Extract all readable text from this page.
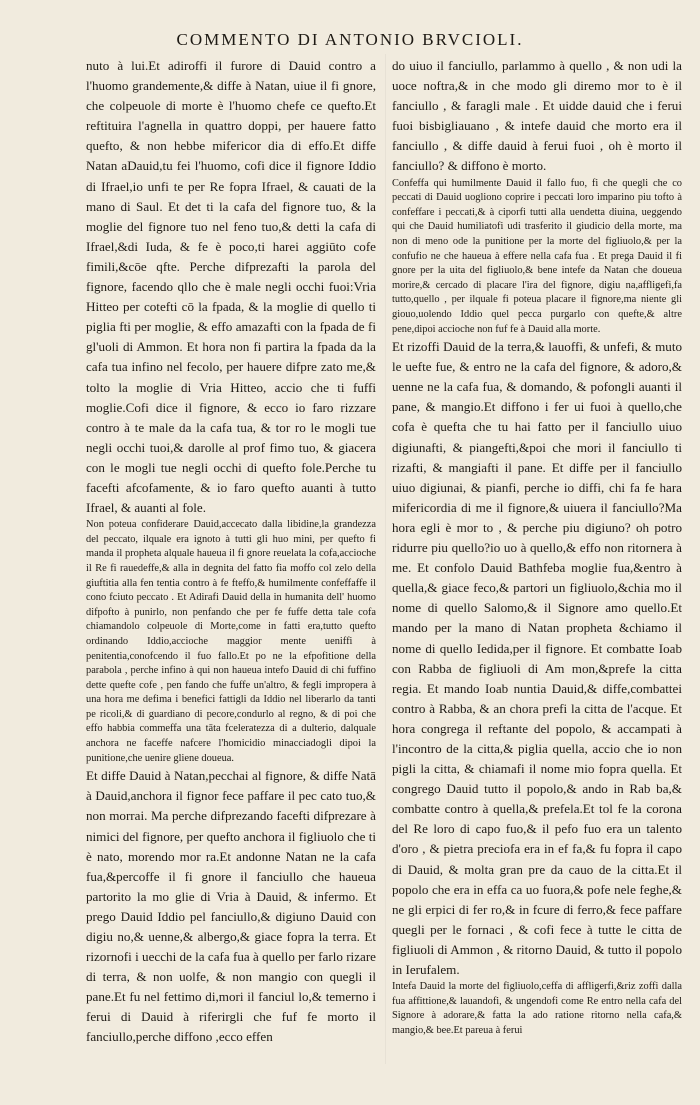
COMMENTO DI ANTONIO BRVCIOLI.

nuto à lui.Et adiroffi il furore di Dauid contro a l'huomo grandemente,& diffe à Natan, uiue il fi gnore, che colpeuole di morte è l'huomo chefe ce quefto.Et reftituira l'agnella in quattro doppi, per hauere fatto quefto, & non hebbe mifericor dia di effo.Et diffe Natan aDauid,tu fei l'huomo, cofi dice il fignore Iddio di Ifrael,io unfi te per Re fopra Ifrael, & cauati de la mano di Saul. Et det ti la cafa del fignore tuo, & la moglie del fignore tuo nel feno tuo,& detti la cafa di Ifrael,&di Iuda, & fe è poco,ti harei aggiūto cofe fimili,&cōe qfte. Perche difprezafti la parola del fignore, facendo qllo che è male negli occhi fuoi:Vria Hitteo per cotefti cō la fpada, & la moglie di quello ti piglia fti per moglie, & effo amazafti con la fpada de fi gl'uoli di Ammon. Et hora non fi partira la fpada da la cafa tua infino nel fecolo, per hauere difpre zato me,& tolto la moglie di Vria Hitteo, accio che ti fuffi moglie.Cofi dice il fignore, & ecco io faro rizzare contro à te male da la cafa tua, & tor ro le mogli tue negli occhi tuoi,& darolle al prof fimo tuo, & giacera con le mogli tue negli occhi di quefto fole.Perche tu facefti afcofamente, & io faro quefto auanti à tutto Ifrael, & auanti al fole.

Non poteua confiderare Dauid,accecato dalla libidine,la grandezza del peccato, ilquale era ignoto à tutti gli huo mini, per quefto fi manda il propheta alquale haueua il fi gnore reuelata la cofa,accioche il Re fi rauedeffe,& alla in degnita del fatto fia moffo col zelo della giuftitia alla fen tentia contro à fe fteffo,& humilmente confeffaffe il cono fciuto peccato . Et Adirafi Dauid della in humanita dell' huomo difpofto à punirlo, non penfando che per fe fuffe detta tale cofa chiamandolo colpeuole di Morte,come in fatti era,tutto quefto ordinando Iddio,accioche maggior mente ueniffi à penitentia,conofcendo il fuo fallo.Et po ne la efpofitione della parabola , perche infino à qui non haueua intefo Dauid di chi fuffino dette quefte cofe , pen fando che fuffe un'altro, & fegli impropera à una hora me defima i benefici fattigli da Iddio nel liberarlo da tanti pe ricoli,& di guardiano di pecore,condurlo al regno, & di poi che effo habbia commeffa una tāta fceleratezza di a dulterio, dalquale anchora ne faceffe nafcere l'homicidio minacciadogli dipoi la punitione,che uenire gliene doueua.

Et diffe Dauid à Natan,pecchai al fignore, & diffe Natā à Dauid,anchora il fignor fece paffare il pec cato tuo,& non morrai. Ma perche difprezando facefti difprezare à nimici del fignore, per quefto anchora il figliuolo che ti è nato, morendo mor ra.Et andonne Natan ne la cafa fua,&percoffe il fi gnore il fanciullo che haueua partorito la mo glie di Vria à Dauid, & infermo. Et prego Dauid Iddio pel fanciullo,& digiuno Dauid con digiu no,& uenne,& albergo,& giace fopra la terra. Et rizornofi i uecchi de la cafa fua à quello per farlo rizare di terra, & non uolfe, & non mangio con quegli il pane.Et fu nel fettimo di,mori il fanciul lo,& temerno i ferui di Dauid à riferirgli che fuf fe morto il fanciullo,perche diffono ,ecco effen

do uiuo il fanciullo, parlammo à quello , & non udi la uoce noftra,& in che modo gli diremo mor to è il fanciullo , & faragli male . Et uidde dauid che i ferui fuoi bisbigliauano , & intefe dauid che morto era il fanciullo , & diffe dauid à ferui fuoi , oh è morto il fanciullo? & diffono è morto.

Confeffa qui humilmente Dauid il fallo fuo, fi che quegli che co peccati di Dauid uogliono coprire i peccati loro imparino piu tofto à confeffare i peccati,& à ciporfi tutti alla uendetta diuina, ueggendo qui che Dauid humiliatofi udi trasferito il giudicio della morte, ma non di meno ode la punitione per la morte del figliuolo,& per la confufio ne che haueua à effere nella cafa fua . Et prega Dauid il fi gnore per la uita del figliuolo,& bene intefe da Natan che doueua morire,& cercado di placare l'ira del fignore, digiu na,affligefi,fa tutto,quello , per ilquale fi poteua placare il fignore,ma niente gli giouo,uolendo Iddio quel pecca purgarlo con quefte,& altre pene,dipoi accioche non fuf fe à Dauid alla morte.

Et rizoffi Dauid de la terra,& lauoffi, & unfefi, & muto le uefte fue, & entro ne la cafa del fignore, & adoro,& uenne ne la cafa fua, & domando, & pofongli auanti il pane, & mangio.Et diffono i fer ui fuoi à quello,che cofa è quefta che tu hai fatto per il fanciullo uiuo digiunafti, & piangefti,&poi che mori il fanciullo ti rizafti, & mangiafti il pane. Et diffe per il fanciullo uiuo digiunai, & pianfi, perche io diffi, chi fa fe hara mifericordia di me il fignore,& uiuera il fanciullo?Ma hora egli è mor to , & perche piu digiuno? oh potro ridurre piu quello?io uo à quello,& effo non ritornera à me. Et confolo Dauid Bathfeba moglie fua,&entro à quella,& giace feco,& partori un figliuolo,&chia mo il nome di quello Salomo,& il Signore amo quello.Et mando per la mano di Natan propheta &chiamo il nome di quello Iedida,per il fignore. Et combatte Ioab con Rabba de figliuoli di Am mon,&prefe la citta regia. Et mando Ioab nuntia Dauid,& diffe,combattei contro à Rabba, & an chora prefi la citta de l'acque. Et hora congrega il reftante del popolo, & accampati à l'incontro de la citta,& piglia quella, accio che io non pigli la citta, & chiamafi il nome mio fopra quella. Et congrego Dauid tutto il popolo,& ando in Rab ba,& combatte contro à quella,& prefela.Et tol fe la corona del Re loro di capo fuo,& il pefo fuo era un talento d'oro , & pietra preciofa era in ef fa,& fu fopra il capo di Dauid, & molta gran pre da cauo de la citta.Et il popolo che era in effa ca uo fuora,& pofe nele feghe,& ne gli erpici di fer ro,& in fcure di ferro,& fece paffare quegli per le fornaci , & cofi fece à tutte le citta de figliuoli di Ammon , & ritorno Dauid, & tutto il popolo in Ierufalem.

Intefa Dauid la morte del figliuolo,ceffa di affligerfi,&riz zoffi dalla fua affittione,& lauandofi, & ungendofi come Re entro nella cafa del Signore à adorare,& fatta la ado ratione ritorno nella cafa,& mangio,& bee.Et pareua à ferui
